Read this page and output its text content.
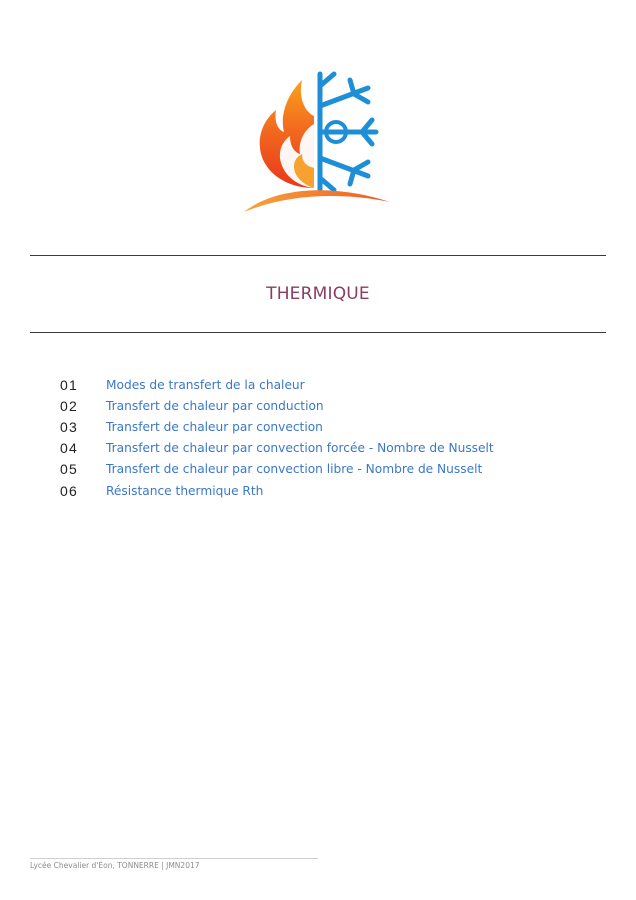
THERMIQUE
01	Modes de transfert de la chaleur
02	Transfert de chaleur par conduction
03	Transfert de chaleur par convection
04	Transfert de chaleur par convection forcée - Nombre de Nusselt
05	Transfert de chaleur par convection libre - Nombre de Nusselt
06	Résistance thermique Rth
Lycée Chevalier d'Éon, TONNERRE | JMN2017
